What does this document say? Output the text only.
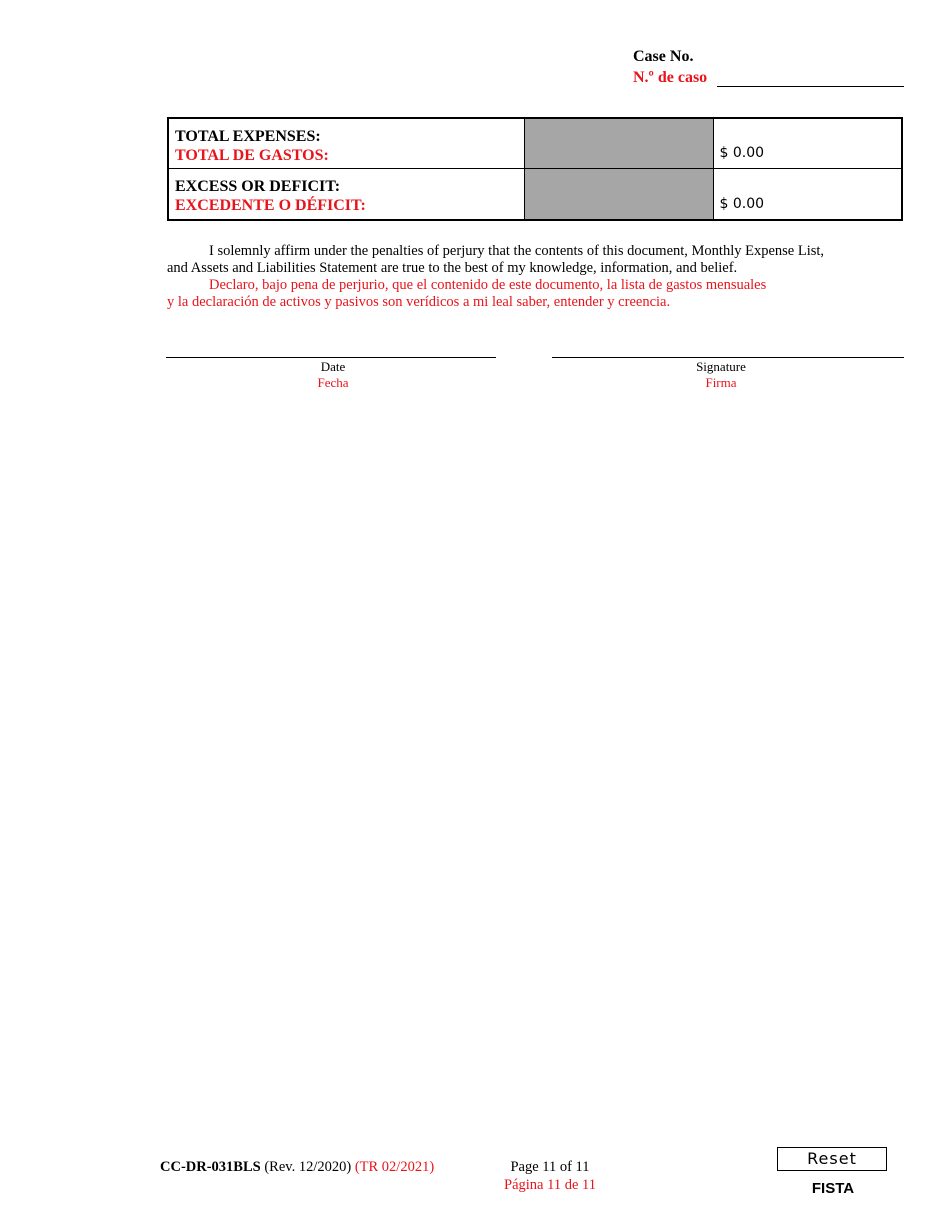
Case No.
N.º de caso
TOTAL EXPENSES:
TOTAL DE GASTOS:		$ 0.00

EXCESS OR DEFICIT:
EXCEDENTE O DÉFICIT:		$ 0.00

I solemnly affirm under the penalties of perjury that the contents of this document, Monthly Expense List,

and Assets and Liabilities Statement are true to the best of my knowledge, information, and belief.

Declaro, bajo pena de perjurio, que el contenido de este documento, la lista de gastos mensuales

y la declaración de activos y pasivos son verídicos a mi leal saber, entender y creencia.

Date
Fecha
Signature
Firma
CC-DR-031BLS (Rev. 12/2020) (TR 02/2021)	Page 11 of 11
Página 11 de 11
Reset
FISTA
